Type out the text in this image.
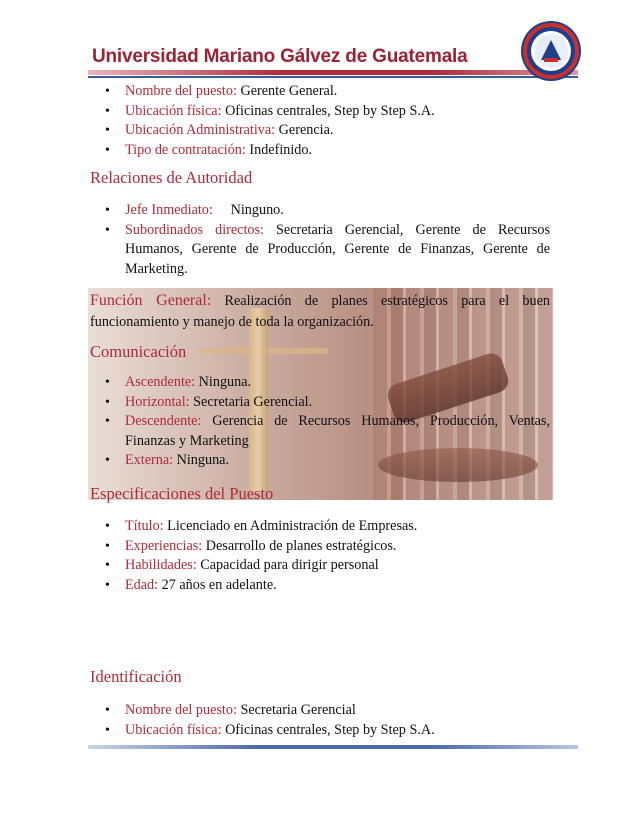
Universidad Mariano Gálvez de Guatemala
• Nombre del puesto: Gerente General.
• Ubicación física: Oficinas centrales, Step by Step S.A.
• Ubicación Administrativa: Gerencia.
• Tipo de contratación: Indefinido.
Relaciones de Autoridad
• Jefe Inmediato:     Ninguno.
• Subordinados directos: Secretaria Gerencial, Gerente de Recursos Humanos, Gerente de Producción, Gerente de Finanzas, Gerente de Marketing.
Función General: Realización de planes estratégicos para el buen funcionamiento y manejo de toda la organización.
Comunicación
• Ascendente: Ninguna.
• Horizontal: Secretaria Gerencial.
• Descendente: Gerencia de Recursos Humanos, Producción, Ventas, Finanzas y Marketing
• Externa: Ninguna.
Especificaciones del Puesto
• Título: Licenciado en Administración de Empresas.
• Experiencias: Desarrollo de planes estratégicos.
• Habilidades: Capacidad para dirigir personal
• Edad: 27 años en adelante.
Identificación
• Nombre del puesto: Secretaria Gerencial
• Ubicación física: Oficinas centrales, Step by Step S.A.
